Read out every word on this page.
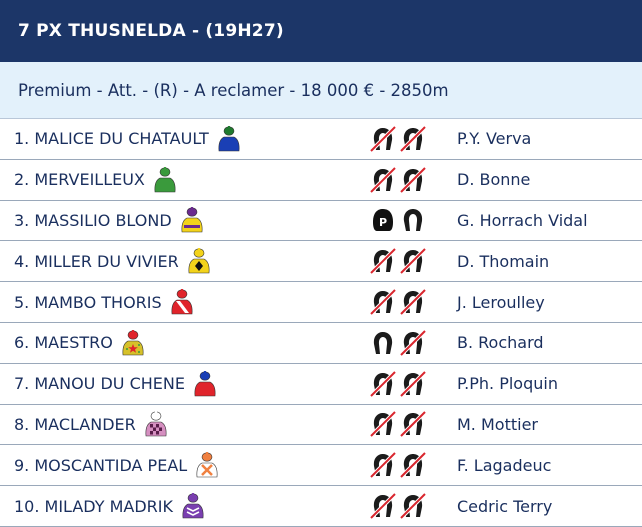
7 PX THUSNELDA - (19H27)
Premium - Att. - (R) - A reclamer - 18 000 € - 2850m
1. MALICE DU CHATAULT	P.Y. Verva
2. MERVEILLEUX	D. Bonne
3. MASSILIO BLOND	P	G. Horrach Vidal
4. MILLER DU VIVIER	D. Thomain
5. MAMBO THORIS	J. Leroulley
6. MAESTRO	B. Rochard
7. MANOU DU CHENE	P.Ph. Ploquin
8. MACLANDER	M. Mottier
9. MOSCANTIDA PEAL	F. Lagadeuc
10. MILADY MADRIK	Cedric Terry
